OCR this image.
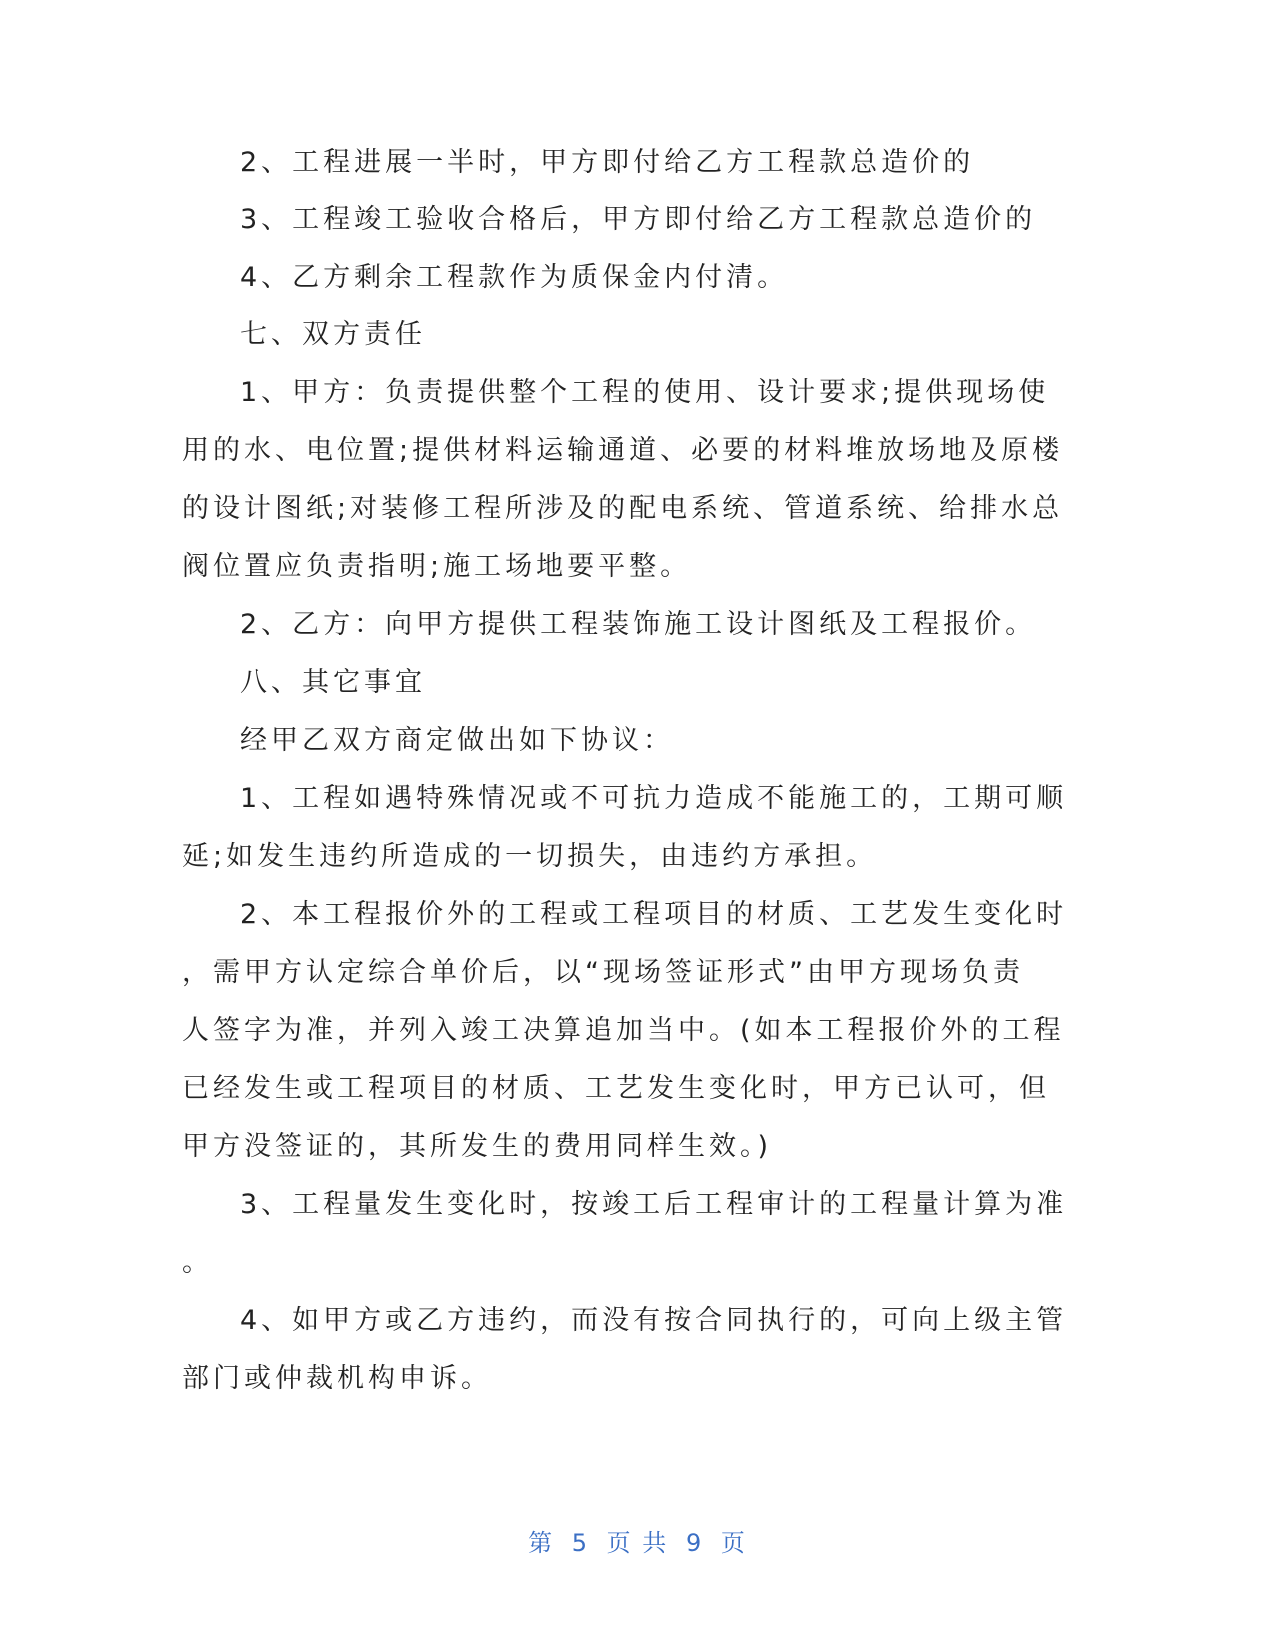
2、工程进展一半时，甲方即付给乙方工程款总造价的
3、工程竣工验收合格后，甲方即付给乙方工程款总造价的
4、乙方剩余工程款作为质保金内付清。
七、双方责任
1、甲方：负责提供整个工程的使用、设计要求;提供现场使
用的水、电位置;提供材料运输通道、必要的材料堆放场地及原楼
的设计图纸;对装修工程所涉及的配电系统、管道系统、给排水总
阀位置应负责指明;施工场地要平整。
2、乙方：向甲方提供工程装饰施工设计图纸及工程报价。
八、其它事宜
经甲乙双方商定做出如下协议：
1、工程如遇特殊情况或不可抗力造成不能施工的，工期可顺
延;如发生违约所造成的一切损失，由违约方承担。
2、本工程报价外的工程或工程项目的材质、工艺发生变化时
，需甲方认定综合单价后，以“现场签证形式”由甲方现场负责
人签字为准，并列入竣工决算追加当中。(如本工程报价外的工程
已经发生或工程项目的材质、工艺发生变化时，甲方已认可，但
甲方没签证的，其所发生的费用同样生效。)
3、工程量发生变化时，按竣工后工程审计的工程量计算为准
。
4、如甲方或乙方违约，而没有按合同执行的，可向上级主管
部门或仲裁机构申诉。
第 5 页 共 9 页
